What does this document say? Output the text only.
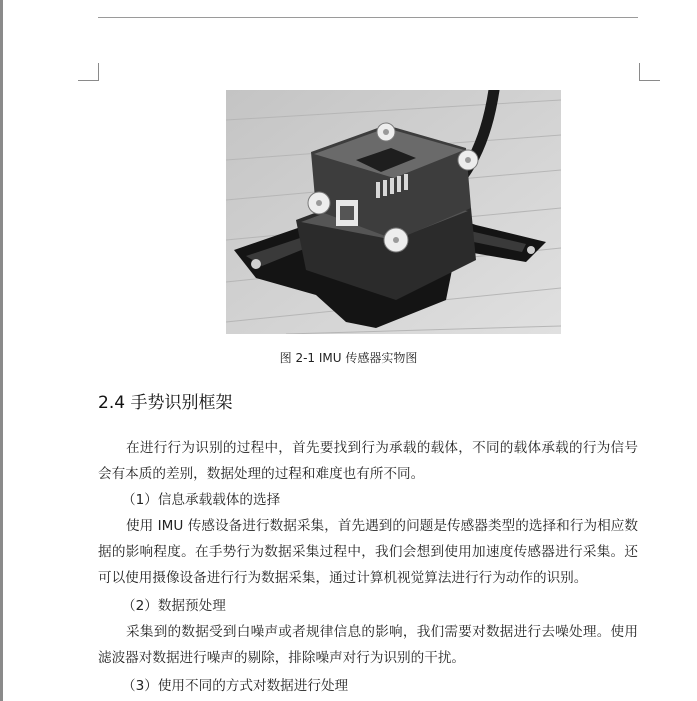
图 2-1 IMU 传感器实物图
2.4 手势识别框架
在进行行为识别的过程中，首先要找到行为承载的载体，不同的载体承载的行为信号会有本质的差别，数据处理的过程和难度也有所不同。
（1）信息承载载体的选择
使用 IMU 传感设备进行数据采集，首先遇到的问题是传感器类型的选择和行为相应数据的影响程度。在手势行为数据采集过程中，我们会想到使用加速度传感器进行采集。还可以使用摄像设备进行行为数据采集，通过计算机视觉算法进行行为动作的识别。
（2）数据预处理
采集到的数据受到白噪声或者规律信息的影响，我们需要对数据进行去噪处理。使用滤波器对数据进行噪声的剔除，排除噪声对行为识别的干扰。
（3）使用不同的方式对数据进行处理
